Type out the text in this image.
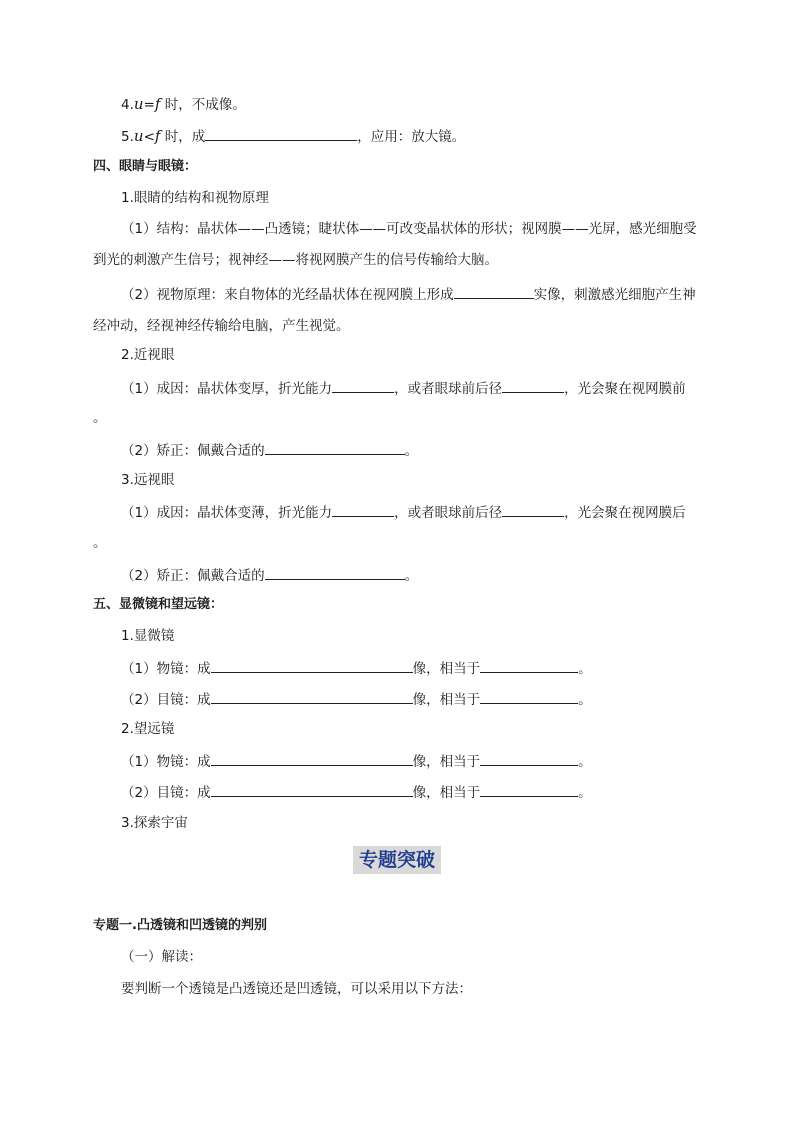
4.u=f 时，不成像。
5.u<f 时，成	，应用：放大镜。
四、眼睛与眼镜：
1.眼睛的结构和视物原理
（1）结构：晶状体——凸透镜；睫状体——可改变晶状体的形状；视网膜——光屏，感光细胞受到光的刺激产生信号；视神经——将视网膜产生的信号传输给大脑。
（2）视物原理：来自物体的光经晶状体在视网膜上形成	实像，刺激感光细胞产生神经冲动，经视神经传输给电脑，产生视觉。
2.近视眼
（1）成因：晶状体变厚，折光能力	，或者眼球前后径	，光会聚在视网膜前
。
（2）矫正：佩戴合适的	。
3.远视眼
（1）成因：晶状体变薄，折光能力	，或者眼球前后径	，光会聚在视网膜后
。
（2）矫正：佩戴合适的	。
五、显微镜和望远镜：
1.显微镜
（1）物镜：成	像，相当于	。
（2）目镜：成	像，相当于	。
2.望远镜
（1）物镜：成	像，相当于	。
（2）目镜：成	像，相当于	。
3.探索宇宙
专题突破
专题一.凸透镜和凹透镜的判别
（一）解读：
要判断一个透镜是凸透镜还是凹透镜，可以采用以下方法：
